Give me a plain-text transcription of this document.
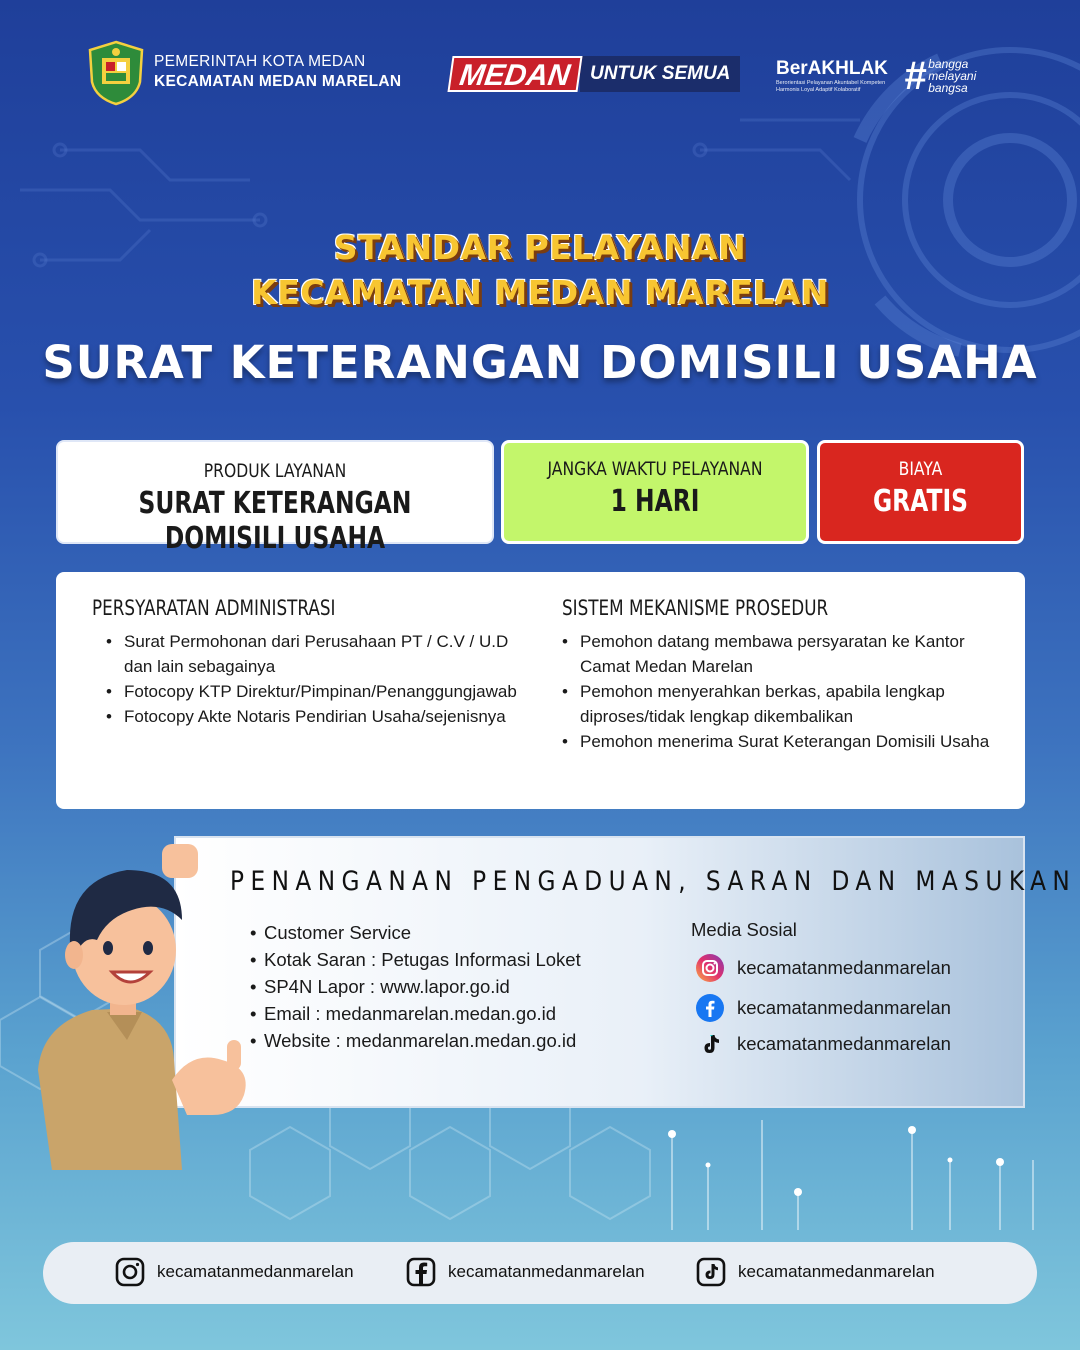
PEMERINTAH KOTA MEDAN
KECAMATAN MEDAN MARELAN	MEDAN UNTUK SEMUA	BerAKHLAK
Berorientasi Pelayanan Akuntabel Kompeten Harmonis Loyal Adaptif Kolaboratif	# bangga
melayani
bangsa
STANDAR PELAYANAN
KECAMATAN MEDAN MARELAN
SURAT KETERANGAN DOMISILI USAHA
PRODUK LAYANAN
SURAT KETERANGAN DOMISILI USAHA
JANGKA WAKTU PELAYANAN
1 HARI
BIAYA
GRATIS
PERSYARATAN ADMINISTRASI
• Surat Permohonan dari Perusahaan PT / C.V / U.D dan lain sebagainya
• Fotocopy KTP Direktur/Pimpinan/Penanggungjawab
• Fotocopy Akte Notaris Pendirian Usaha/sejenisnya
SISTEM MEKANISME PROSEDUR
• Pemohon datang membawa persyaratan ke Kantor Camat Medan Marelan
• Pemohon menyerahkan berkas, apabila lengkap diproses/tidak lengkap dikembalikan
• Pemohon menerima Surat Keterangan Domisili Usaha
PENANGANAN PENGADUAN, SARAN DAN MASUKAN
• Customer Service
• Kotak Saran : Petugas Informasi Loket
• SP4N Lapor : www.lapor.go.id
• Email : medanmarelan.medan.go.id
• Website : medanmarelan.medan.go.id
Media Sosial
kecamatanmedanmarelan
kecamatanmedanmarelan
kecamatanmedanmarelan
kecamatanmedanmarelan	kecamatanmedanmarelan	kecamatanmedanmarelan
